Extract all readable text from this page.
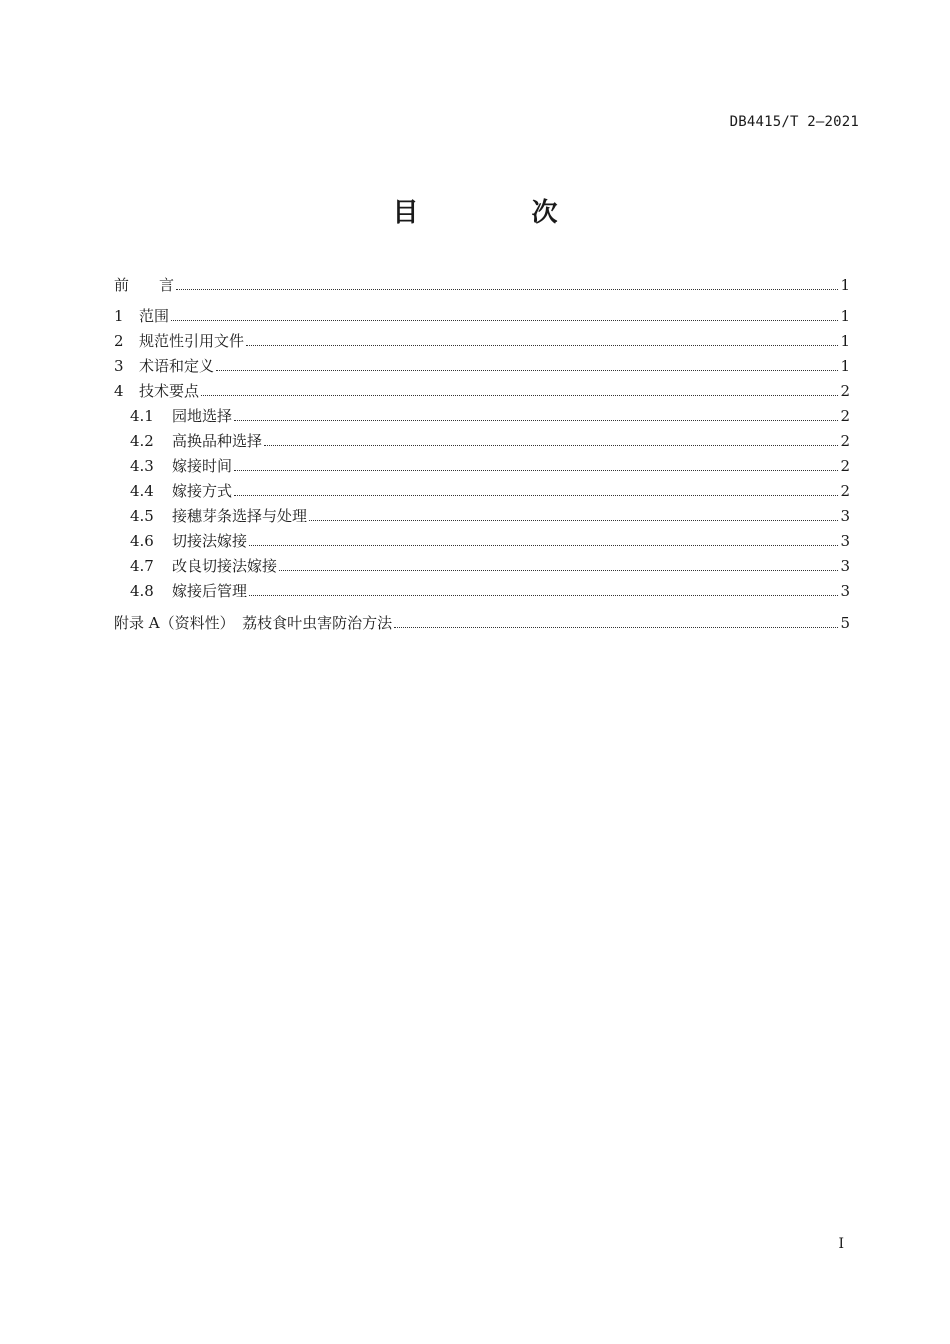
DB4415/T 2—2021
目 次
前　　言	1
1	范围	1
2	规范性引用文件	1
3	术语和定义	1
4	技术要点	2
4.1	园地选择	2
4.2	高换品种选择	2
4.3	嫁接时间	2
4.4	嫁接方式	2
4.5	接穗芽条选择与处理	3
4.6	切接法嫁接	3
4.7	改良切接法嫁接	3
4.8	嫁接后管理	3
附录 A（资料性）　荔枝食叶虫害防治方法	5
I
